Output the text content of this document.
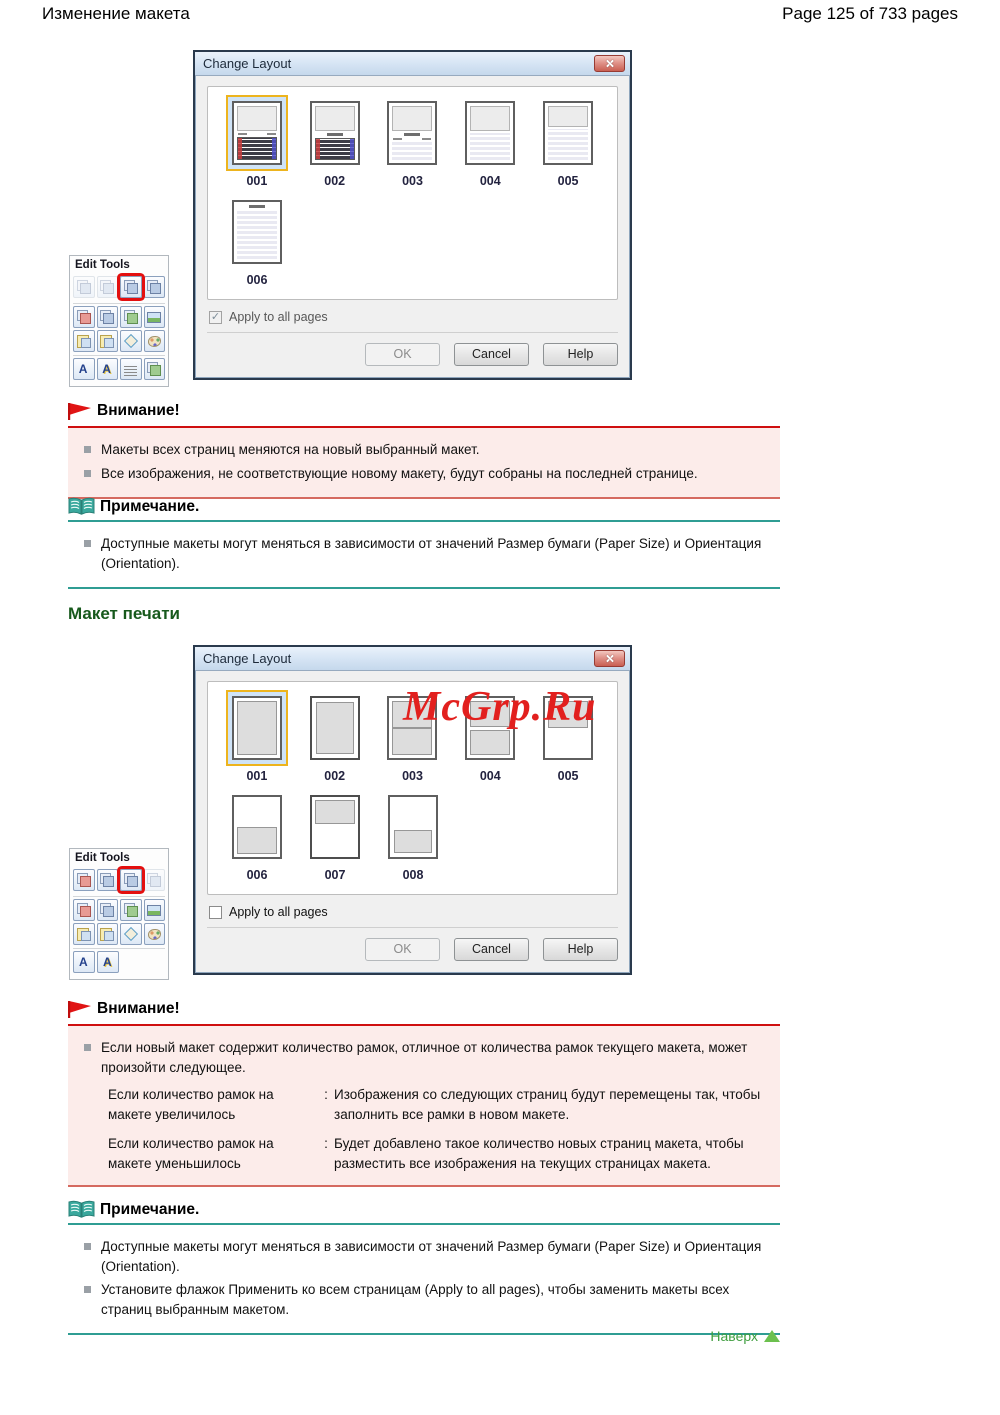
Изменение макета	Page 125 of 733 pages
Change Layout
001	002	003	004	005
006
✓ Apply to all pages
OK	Cancel	Help
Edit Tools
A
A
Внимание!
Макеты всех страниц меняются на новый выбранный макет.
Все изображения, не соответствующие новому макету, будут собраны на последней странице.
Примечание.
Доступные макеты могут меняться в зависимости от значений Размер бумаги (Paper Size) и Ориентация (Orientation).
Макет печати
McGrp.Ru
Change Layout
001	002	003	004	005
006	007	008
Apply to all pages
OK	Cancel	Help
Edit Tools
A
A
Внимание!
Если новый макет содержит количество рамок, отличное от количества рамок текущего макета, может произойти следующее.
Если количество рамок на макете увеличилось
: Изображения со следующих страниц будут перемещены так, чтобы заполнить все рамки в новом макете.
Если количество рамок на макете уменьшилось
: Будет добавлено такое количество новых страниц макета, чтобы разместить все изображения на текущих страницах макета.
Примечание.
Доступные макеты могут меняться в зависимости от значений Размер бумаги (Paper Size) и Ориентация (Orientation).
Установите флажок Применить ко всем страницам (Apply to all pages), чтобы заменить макеты всех страниц выбранным макетом.
Наверх
